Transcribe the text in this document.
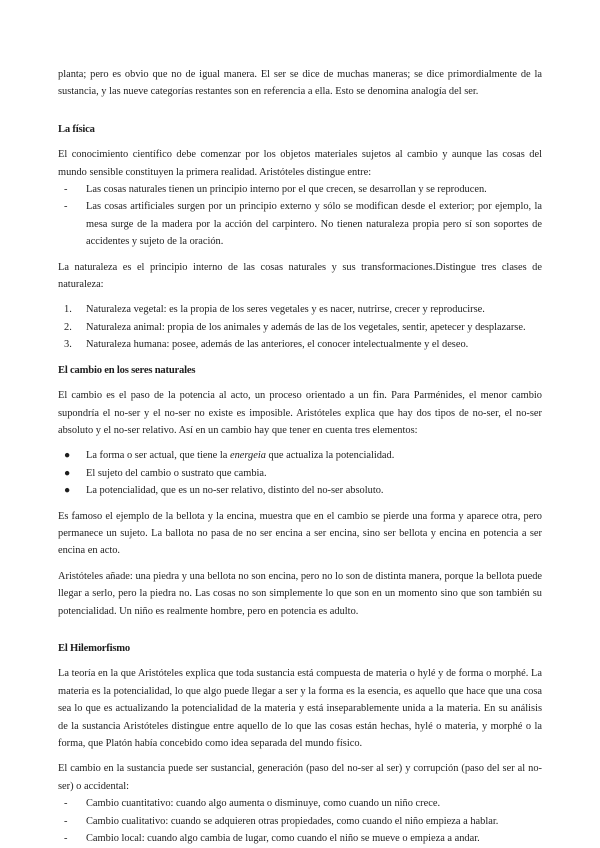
planta; pero es obvio que no de igual manera. El ser se dice de muchas maneras; se dice primordialmente de la sustancia, y las nueve categorías restantes son en referencia a ella. Esto se denomina analogía del ser.

La física

El conocimiento científico debe comenzar por los objetos materiales sujetos al cambio y aunque las cosas del mundo sensible constituyen la primera realidad. Aristóteles distingue entre:

- Las cosas naturales tienen un principio interno por el que crecen, se desarrollan y se reproducen.
- Las cosas artificiales surgen por un principio externo y sólo se modifican desde el exterior; por ejemplo, la mesa surge de la madera por la acción del carpintero. No tienen naturaleza propia pero sí son soportes de accidentes y sujeto de la oración.

La naturaleza es el principio interno de las cosas naturales y sus transformaciones.Distingue tres clases de naturaleza:

1. Naturaleza vegetal: es la propia de los seres vegetales y es nacer, nutrirse, crecer y reproducirse.
2. Naturaleza animal: propia de los animales y además de las de los vegetales, sentir, apetecer y desplazarse.
3. Naturaleza humana: posee, además de las anteriores, el conocer intelectualmente y el deseo.
El cambio en los seres naturales

El cambio es el paso de la potencia al acto, un proceso orientado a un fin. Para Parménides, el menor cambio supondría el no-ser y el no-ser no existe es imposible. Aristóteles explica que hay dos tipos de no-ser, el no-ser absoluto y el no-ser relativo. Así en un cambio hay que tener en cuenta tres elementos:

● La forma o ser actual, que tiene la energeia que actualiza la potencialidad.
● El sujeto del cambio o sustrato que cambia.
● La potencialidad, que es un no-ser relativo, distinto del no-ser absoluto.

Es famoso el ejemplo de la bellota y la encina, muestra que en el cambio se pierde una forma y aparece otra, pero permanece un sujeto. La ballota no pasa de no ser encina a ser encina, sino ser bellota y encina en potencia a ser encina en acto.

Aristóteles añade: una piedra y una bellota no son encina, pero no lo son de distinta manera, porque la bellota puede llegar a serlo, pero la piedra no. Las cosas no son simplemente lo que son en un momento sino que son también su potencialidad. Un niño es realmente hombre, pero en potencia es adulto.

El Hilemorfismo

La teoría en la que Aristóteles explica que toda sustancia está compuesta de materia o hylé y de forma o morphé. La materia es la potencialidad, lo que algo puede llegar a ser y la forma es la esencia, es aquello que hace que una cosa sea lo que es actualizando la potencialidad de la materia y está inseparablemente unida a la materia. En su análisis de la sustancia Aristóteles distingue entre aquello de lo que las cosas están hechas, hylé o materia, y morphé o la forma, que Platón había concebido como idea separada del mundo físico.

El cambio en la sustancia puede ser sustancial, generación (paso del no-ser al ser) y corrupción (paso del ser al no-ser) o accidental:

- Cambio cuantitativo: cuando algo aumenta o disminuye, como cuando un niño crece.
- Cambio cualitativo: cuando se adquieren otras propiedades, como cuando el niño empieza a hablar.
- Cambio local: cuando algo cambia de lugar, como cuando el niño se mueve o empieza a andar.
